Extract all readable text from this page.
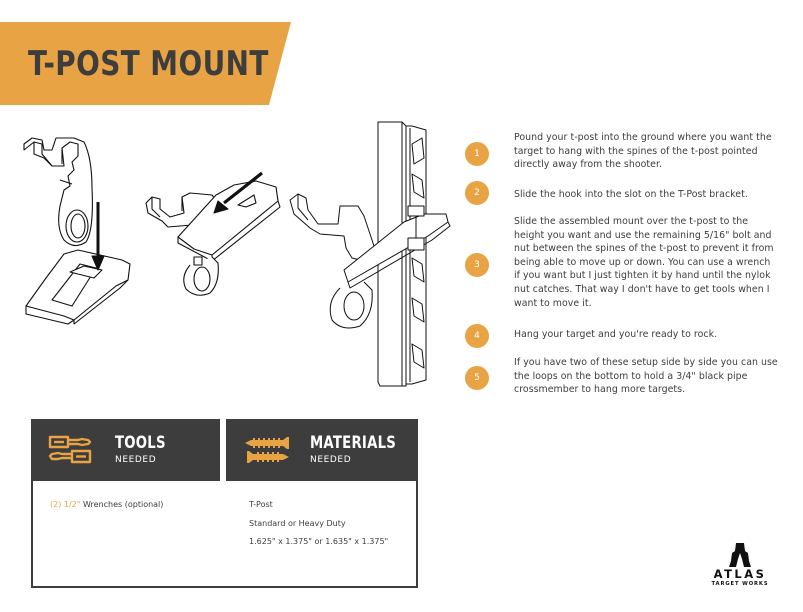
T-POST MOUNT
1
Pound your t-post into the ground where you want the target to hang with the spines of the t-post pointed directly away from the shooter.
2	Slide the hook into the slot on the T-Post bracket.
3
Slide the assembled mount over the t-post to the height you want and use the remaining 5/16" bolt and nut between the spines of the t-post to prevent it from being able to move up or down. You can use a wrench if you want but I just tighten it by hand until the nylok nut catches. That way I don't have to get tools when I want to move it.
4	Hang your target and you're ready to rock.
5
If you have two of these setup side by side you can use the loops on the bottom to hold a 3/4" black pipe crossmember to hang more targets.
TOOLS
NEEDED
MATERIALS
NEEDED
(2) 1/2" Wrenches (optional)	T-Post
Standard or Heavy Duty
1.625" x 1.375" or 1.635" x 1.375"
ATLAS
TARGET WORKS
